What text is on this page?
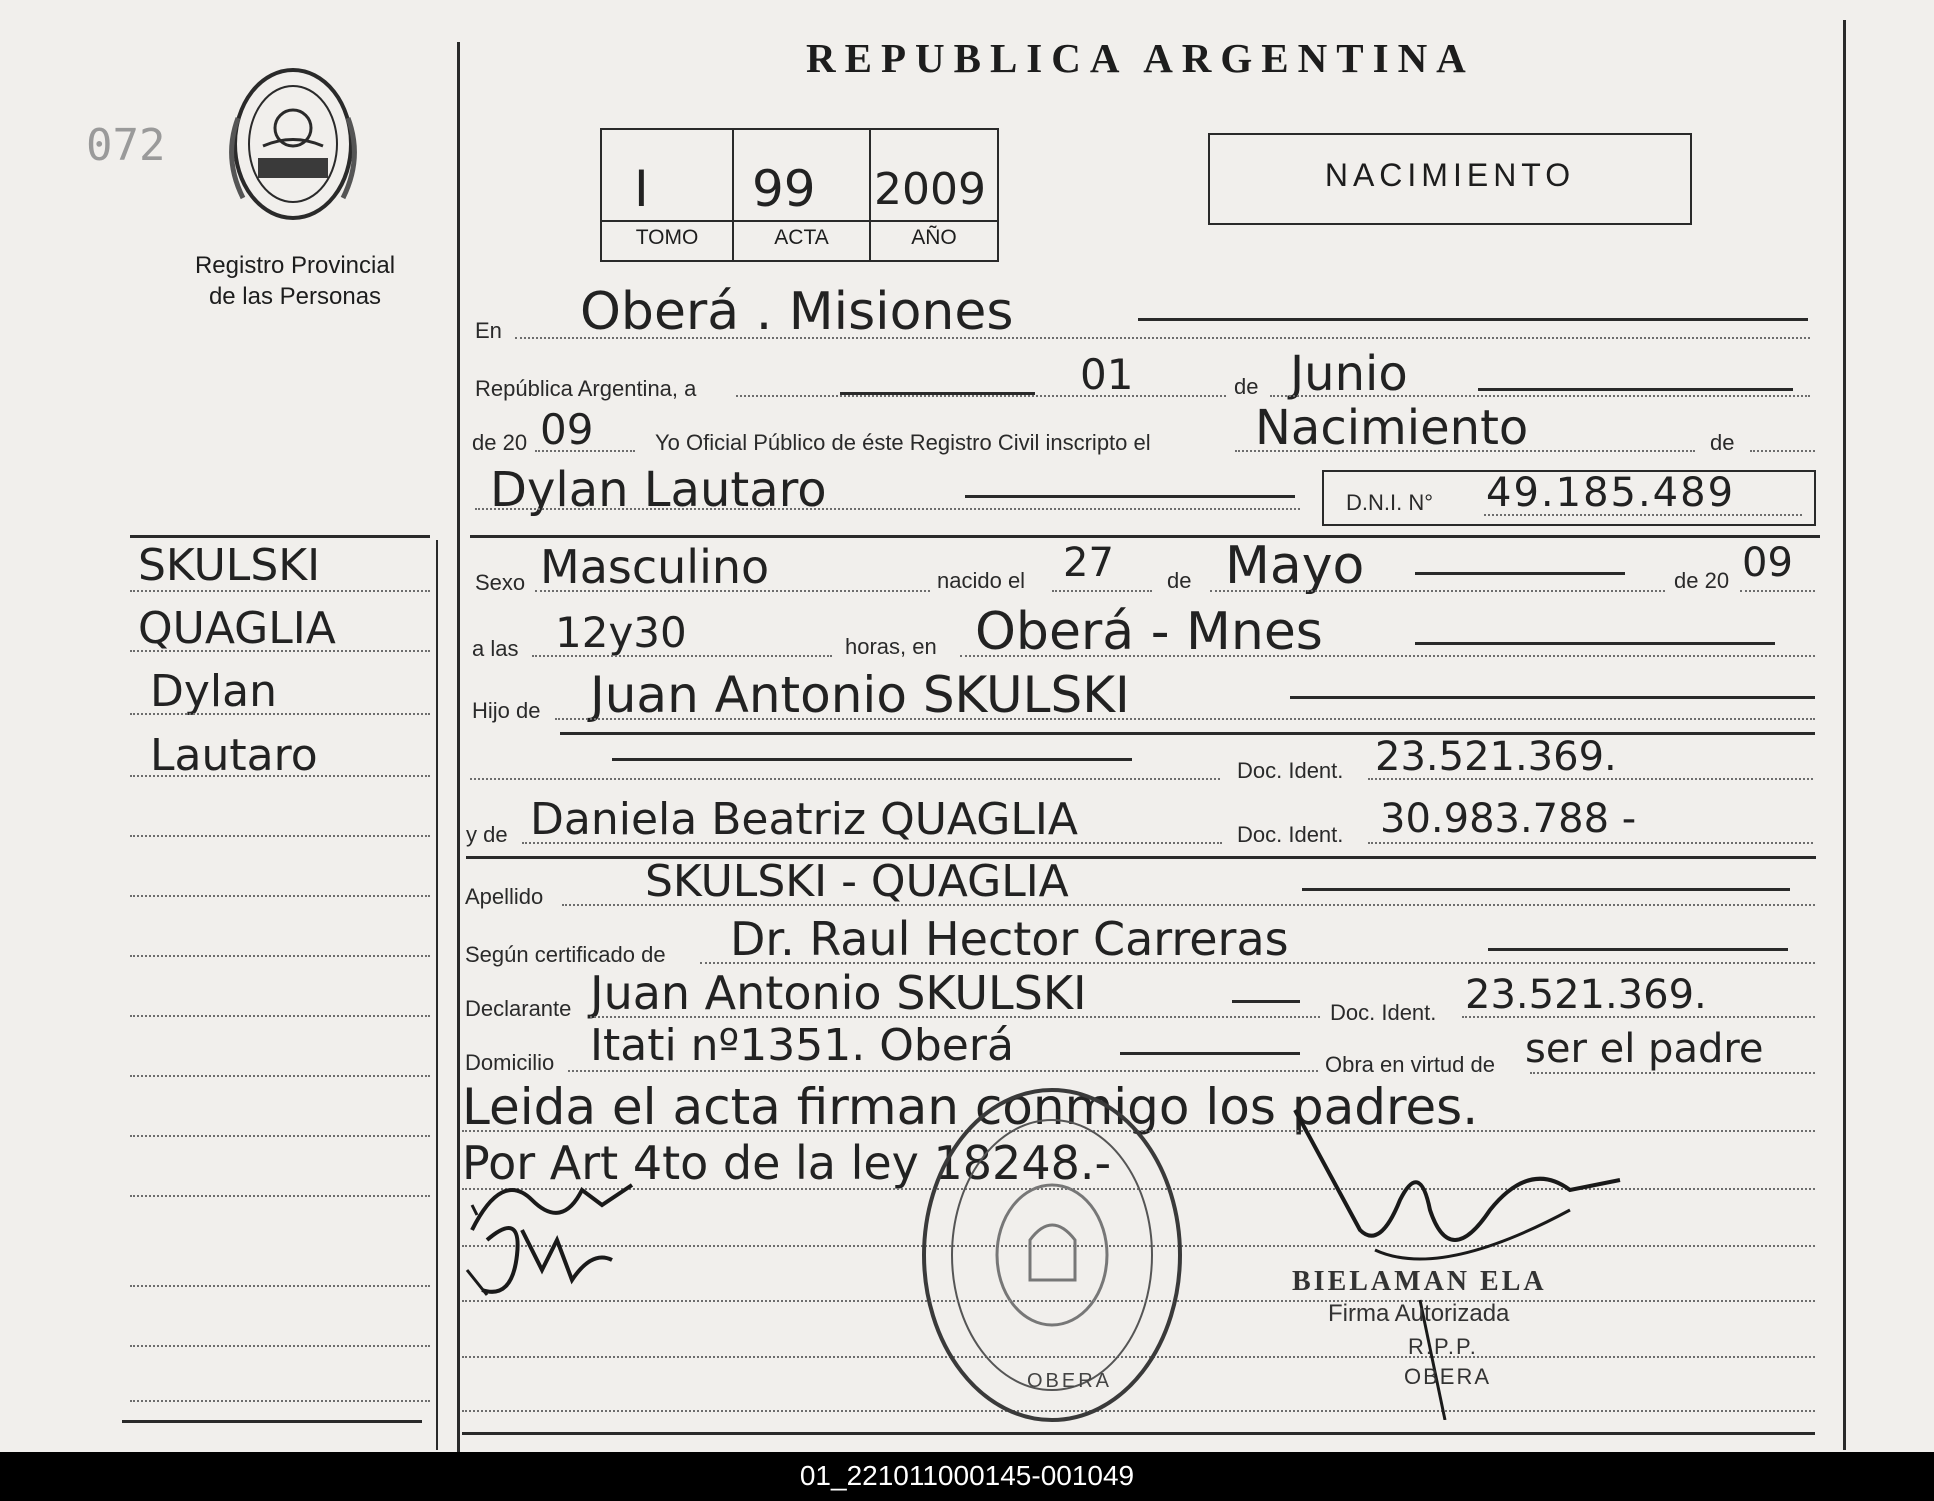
072
Registro Provincial
de las Personas
REPUBLICA ARGENTINA
I 99 2009
TOMO	ACTA	AÑO
NACIMIENTO
SKULSKI
QUAGLIA
Dylan
Lautaro
En Oberá . Misiones
República Argentina, a	01	de Junio
de 20 09	Yo Oficial Público de éste Registro Civil inscripto el Nacimiento	de
Dylan Lautaro	D.N.I. N° 49.185.489
Sexo Masculino	nacido el 27 de Mayo	de 20 09
a las 12y30	horas, en Oberá - Mnes
Hijo de Juan Antonio SKULSKI
Doc. Ident. 23.521.369.
y de Daniela Beatriz QUAGLIA	Doc. Ident. 30.983.788 -
Apellido SKULSKI - QUAGLIA
Según certificado de Dr. Raul Hector Carreras
Declarante Juan Antonio SKULSKI	Doc. Ident. 23.521.369.
Domicilio Itati nº1351. Oberá	Obra en virtud de ser el padre
Leida el acta firman conmigo los padres.
Por Art 4to de la ley 18248.-
OBERA
BIELAMAN ELA
Firma Autorizada
R.P.P.
OBERA
01_221011000145-001049
